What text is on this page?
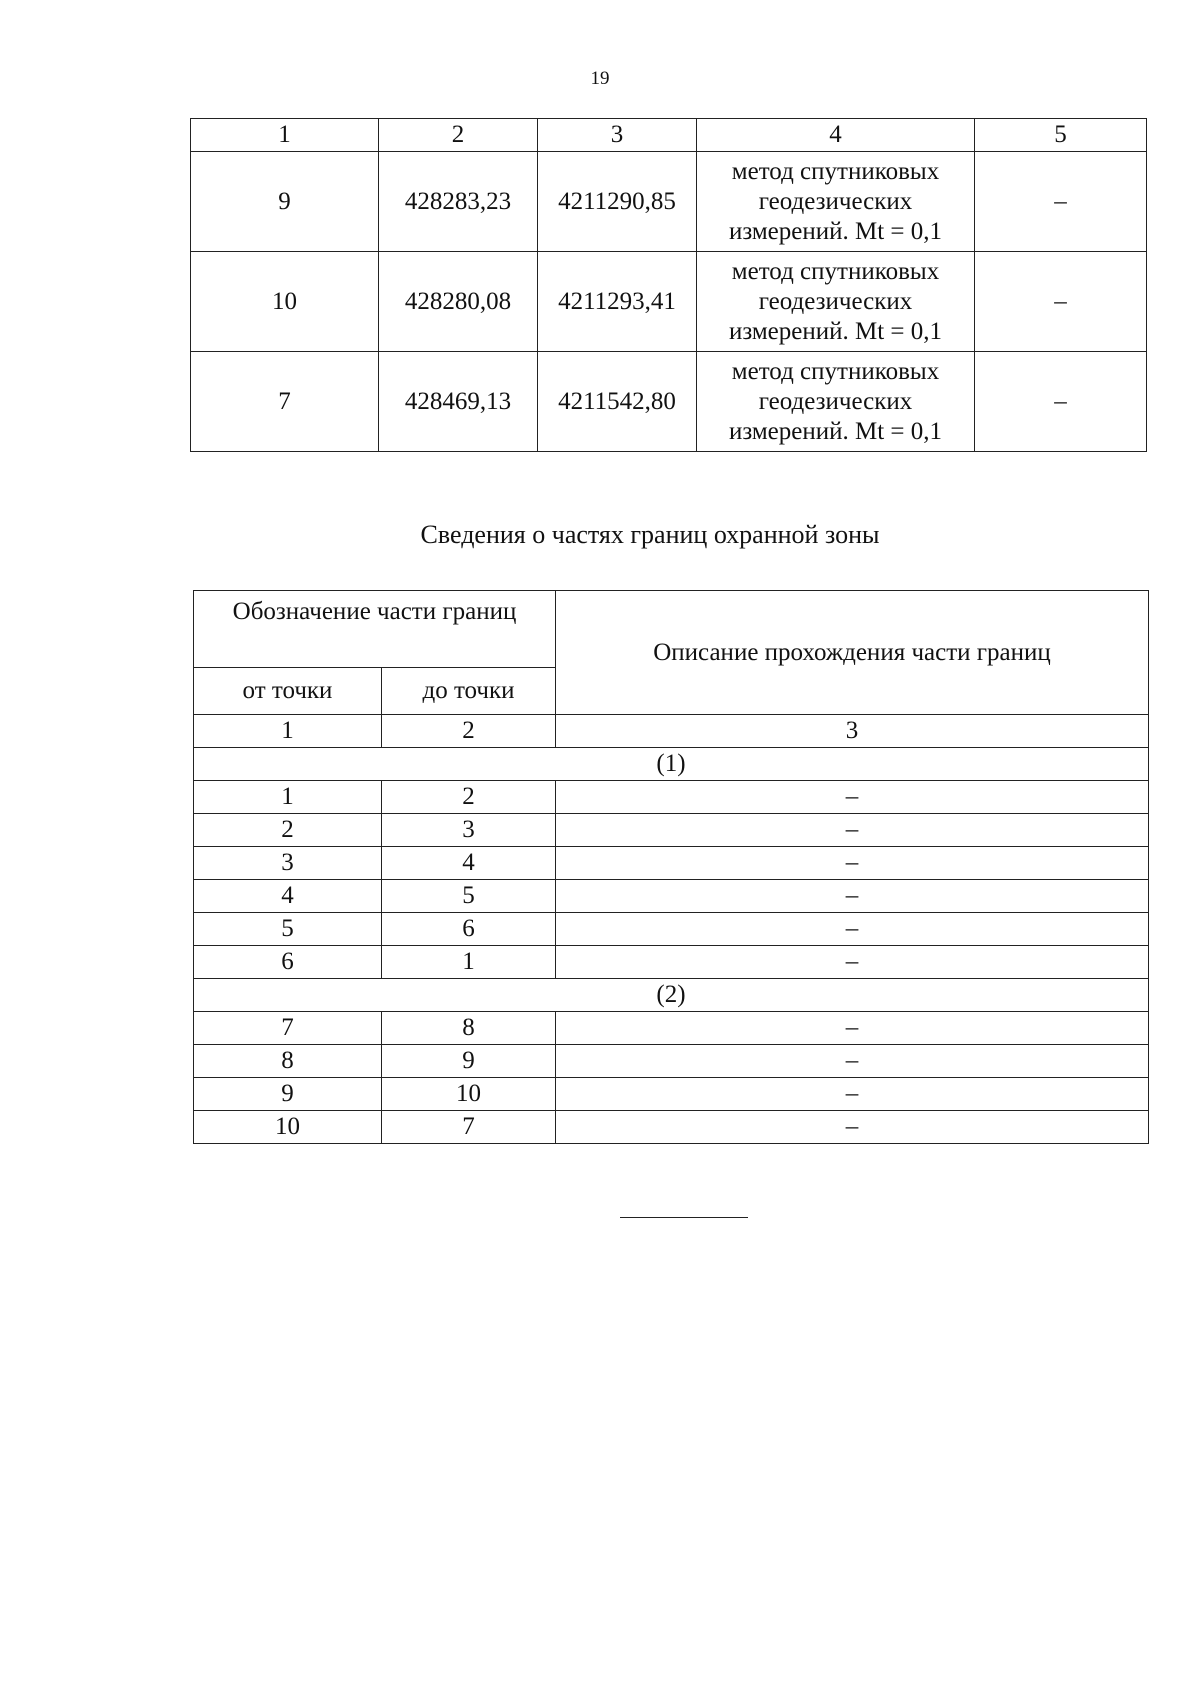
19
1	2	3	4	5
9	428283,23	4211290,85	метод спутниковых
геодезических
измерений. Mt = 0,1	–
10	428280,08	4211293,41	метод спутниковых
геодезических
измерений. Mt = 0,1	–
7	428469,13	4211542,80	метод спутниковых
геодезических
измерений. Mt = 0,1	–
Сведения о частях границ охранной зоны
Обозначение части границ		Описание прохождения части границ
от точки	до точки	
1	2	3
(1)		
1	2	–
2	3	–
3	4	–
4	5	–
5	6	–
6	1	–
(2)		
7	8	–
8	9	–
9	10	–
10	7	–
